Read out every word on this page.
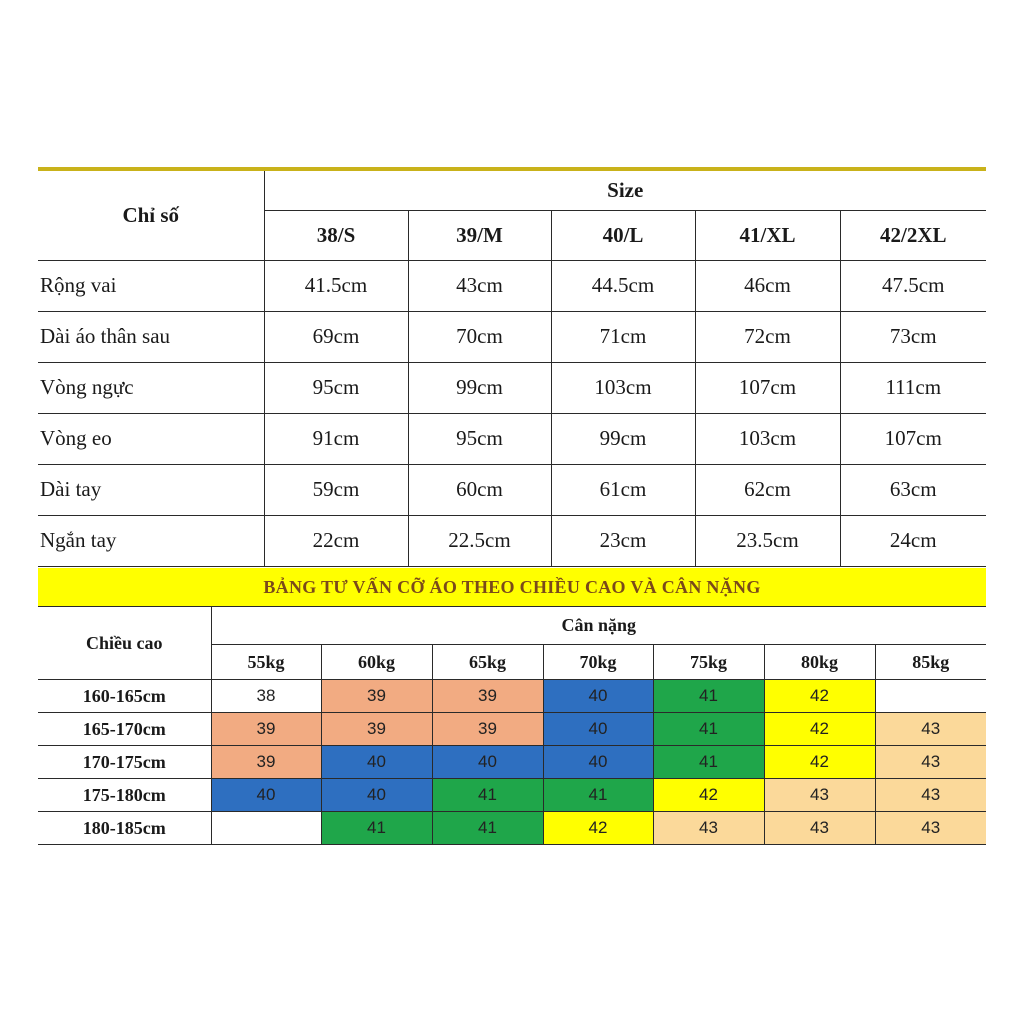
Chỉ số	Size				
	38/S	39/M	40/L	41/XL	42/2XL
Rộng vai	41.5cm	43cm	44.5cm	46cm	47.5cm
Dài áo thân sau	69cm	70cm	71cm	72cm	73cm
Vòng ngực	95cm	99cm	103cm	107cm	111cm
Vòng eo	91cm	95cm	99cm	103cm	107cm
Dài tay	59cm	60cm	61cm	62cm	63cm
Ngắn tay	22cm	22.5cm	23cm	23.5cm	24cm
BẢNG TƯ VẤN CỠ ÁO THEO CHIỀU CAO VÀ CÂN NẶNG
Chiều cao	Cân nặng						
	55kg	60kg	65kg	70kg	75kg	80kg	85kg
160-165cm	38	39	39	40	41	42	
165-170cm	39	39	39	40	41	42	43
170-175cm	39	40	40	40	41	42	43
175-180cm	40	40	41	41	42	43	43
180-185cm		41	41	42	43	43	43
